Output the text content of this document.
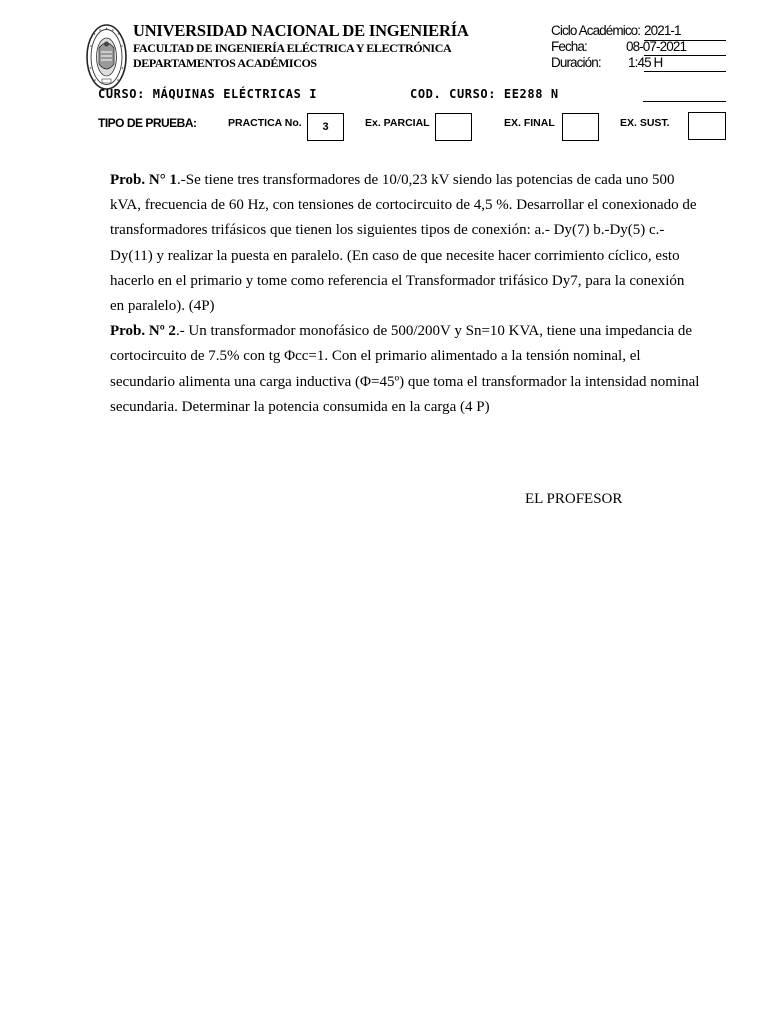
UNIVERSIDAD NACIONAL DE INGENIERÍA
FACULTAD DE INGENIERÍA ELÉCTRICA Y ELECTRÓNICA
DEPARTAMENTOS ACADÉMICOS
Ciclo Académico: 2021-1
Fecha:	08-07-2021
Duración: 1:45 H
CURSO: MÁQUINAS ELÉCTRICAS I	COD. CURSO: EE288 N
TIPO DE PRUEBA:	PRACTICA No.	3	Ex. PARCIAL	EX. FINAL	EX. SUST.

Prob. N° 1.-Se tiene tres transformadores de 10/0,23 kV siendo las potencias de cada uno 500 kVA, frecuencia de 60 Hz, con tensiones de cortocircuito de 4,5 %. Desarrollar el conexionado de transformadores trifásicos que tienen los siguientes tipos de conexión: a.- Dy(7) b.-Dy(5) c.-Dy(11) y realizar la puesta en paralelo. (En caso de que necesite hacer corrimiento cíclico, esto hacerlo en el primario y tome como referencia el Transformador trifásico Dy7, para la conexión en paralelo). (4P)

Prob. Nº 2.- Un transformador monofásico de 500/200V y Sn=10 KVA, tiene una impedancia de cortocircuito de 7.5% con tg Φcc=1. Con el primario alimentado a la tensión nominal, el secundario alimenta una carga inductiva (Φ=45º) que toma el transformador la intensidad nominal secundaria. Determinar la potencia consumida en la carga (4 P)

EL PROFESOR
